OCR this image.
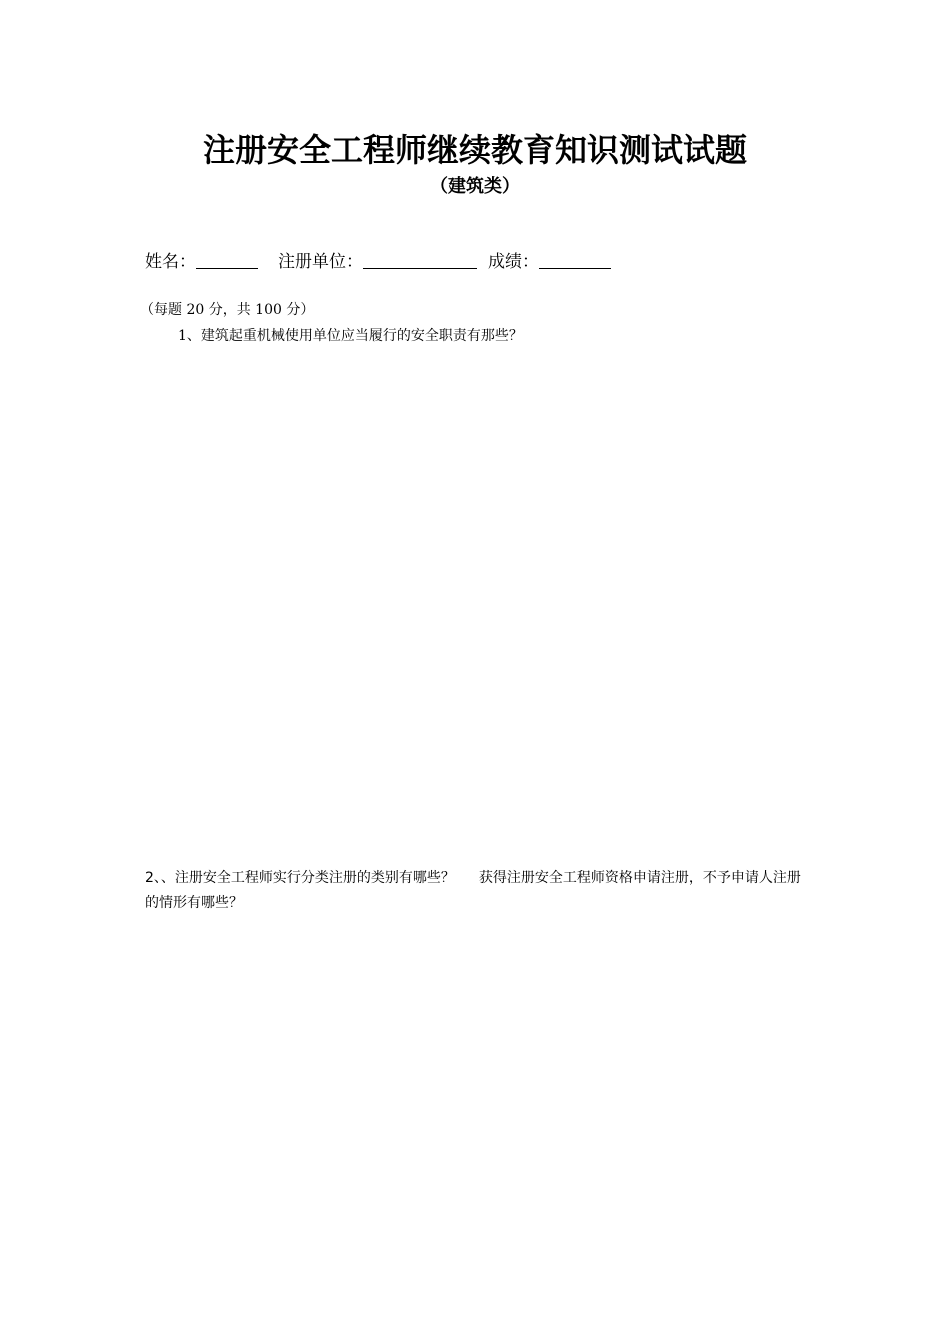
注册安全工程师继续教育知识测试试题
（建筑类）
姓名：	注册单位：	成绩：
（每题 20 分，共 100 分）
1、建筑起重机械使用单位应当履行的安全职责有那些？
2、、注册安全工程师实行分类注册的类别有哪些？ 获得注册安全工程师资格申请注册，不予申请人注册的情形有哪些？
